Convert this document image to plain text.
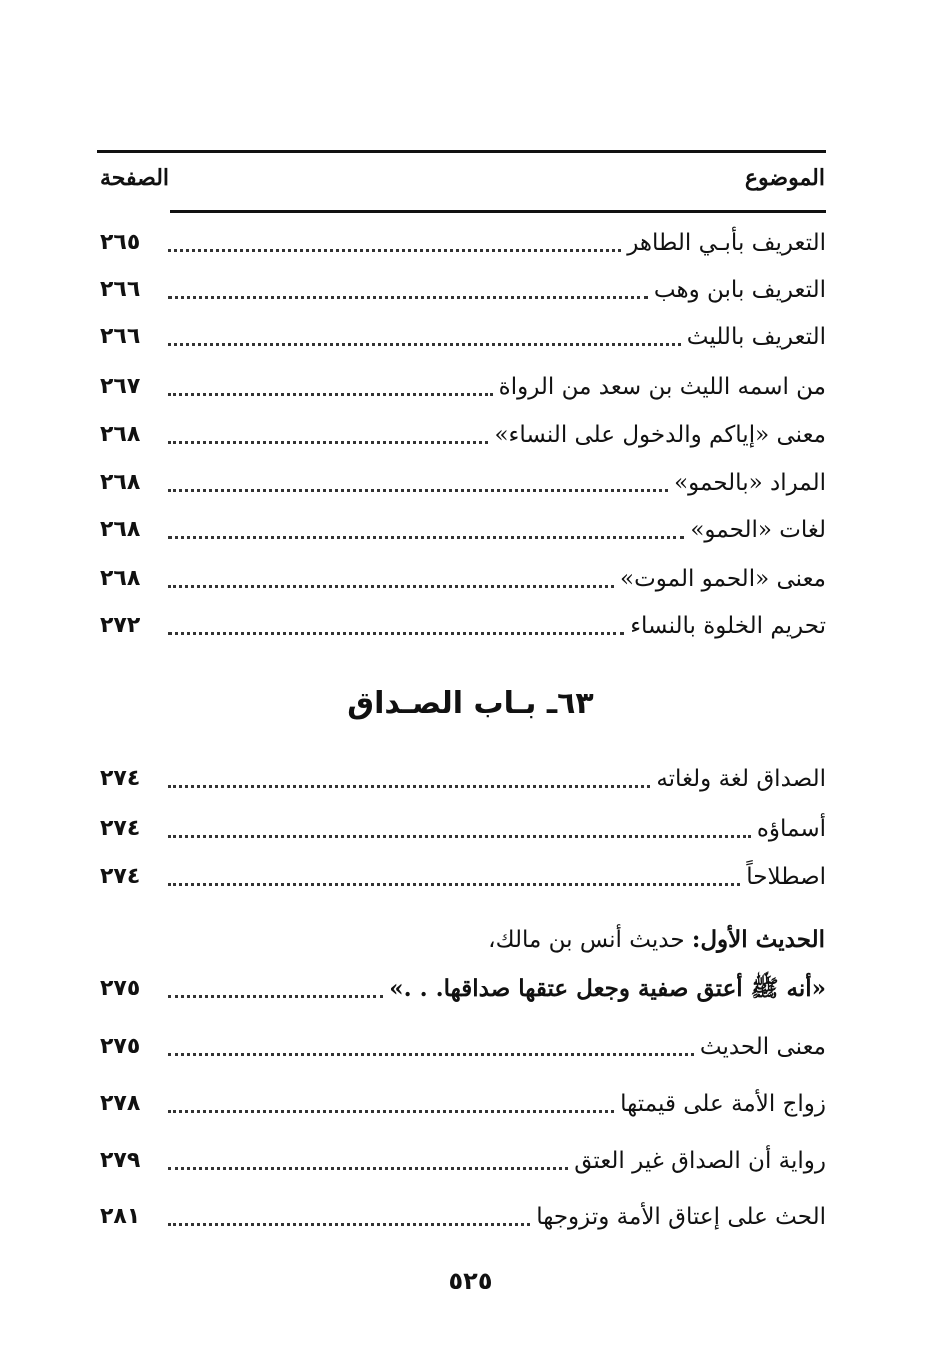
الموضوع
الصفحة
التعريف بأبـي الطاهر
٢٦٥
التعريف بابن وهب
٢٦٦
التعريف بالليث
٢٦٦
من اسمه الليث بن سعد من الرواة
٢٦٧
معنى «إياكم والدخول على النساء»
٢٦٨
المراد «بالحمو»
٢٦٨
لغات «الحمو»
٢٦٨
معنى «الحمو الموت»
٢٦٨
تحريم الخلوة بالنساء
٢٧٢
٦٣ـ بـاب الصـداق
الصداق لغة ولغاته
٢٧٤
أسماؤه
٢٧٤
اصطلاحاً
٢٧٤
الحديث الأول: حديث أنس بن مالك،
«أنه ﷺ أعتق صفية وجعل عتقها صداقها. . .»
٢٧٥
معنى الحديث
٢٧٥
زواج الأمة على قيمتها
٢٧٨
رواية أن الصداق غير العتق
٢٧٩
الحث على إعتاق الأمة وتزوجها
٢٨١
٥٢٥
